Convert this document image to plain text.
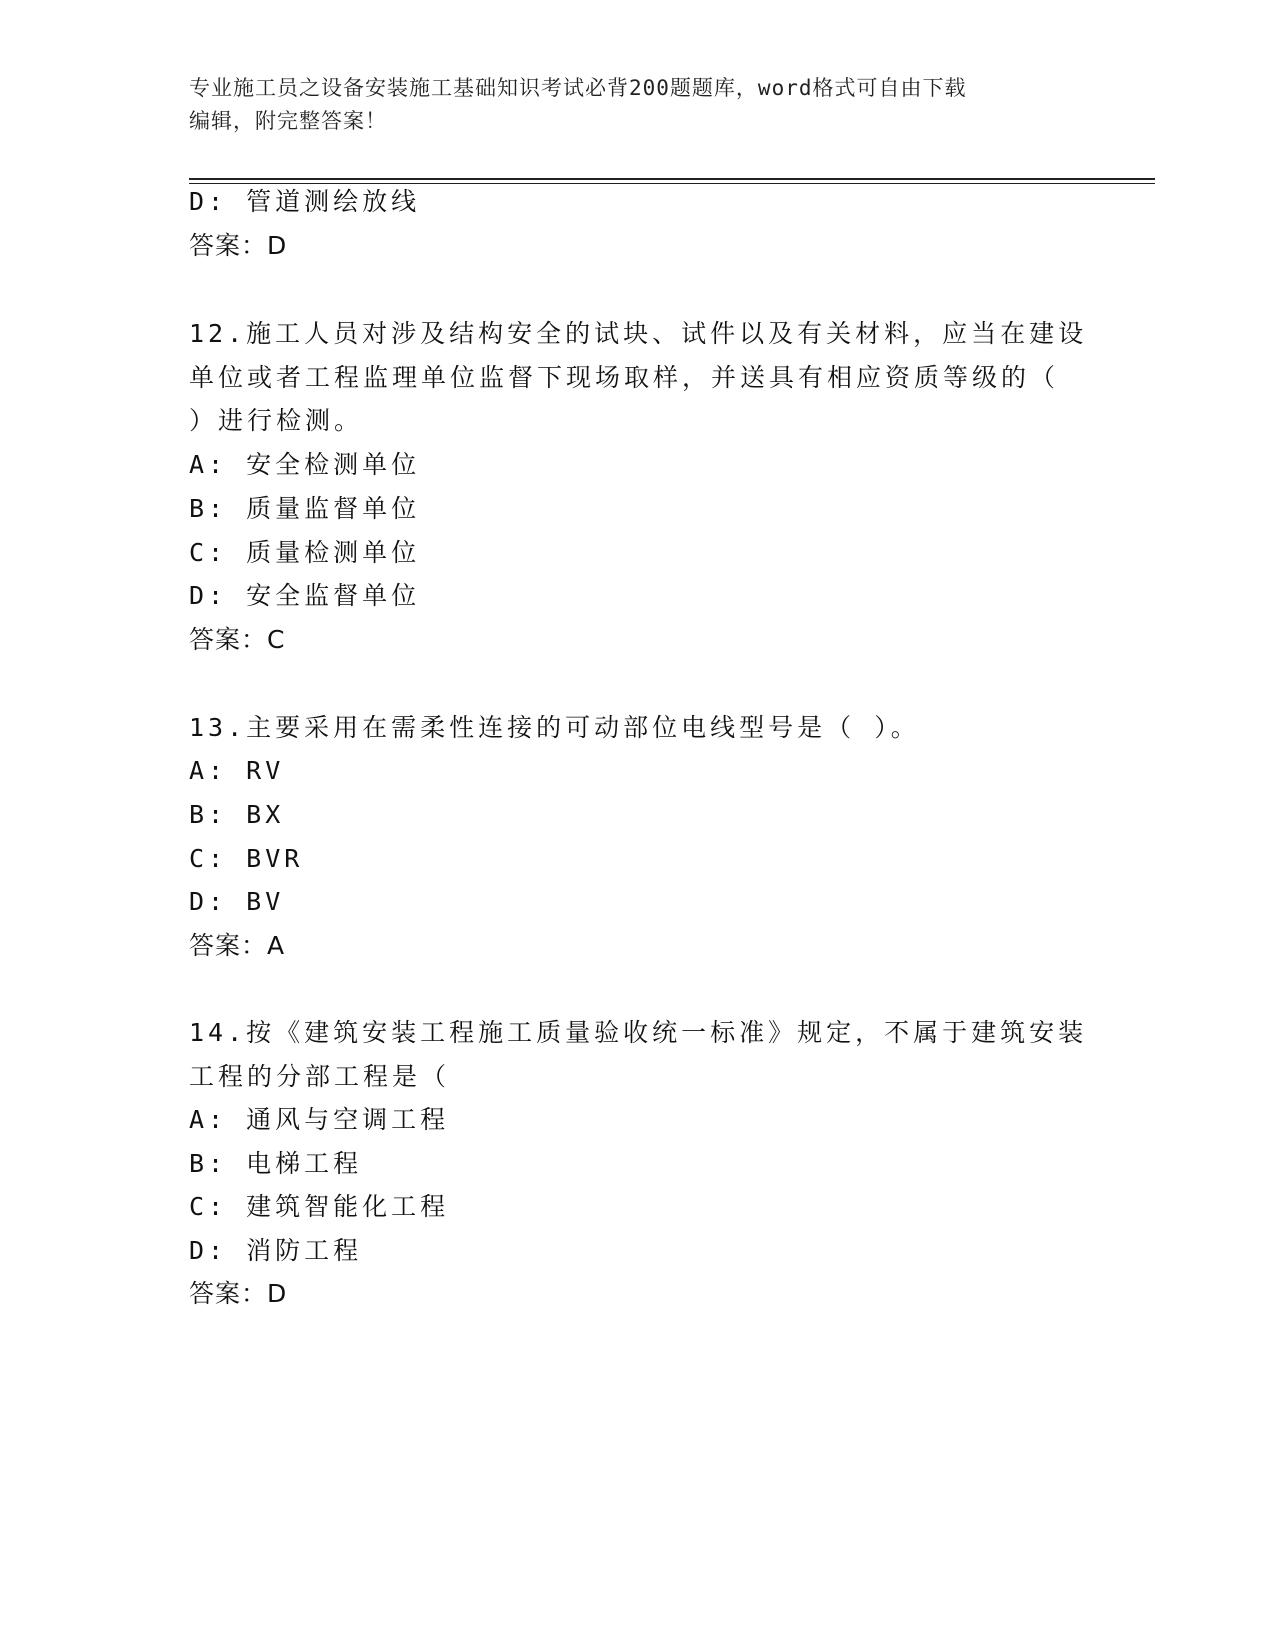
专业施工员之设备安装施工基础知识考试必背200题题库，word格式可自由下载
编辑，附完整答案！
D: 管道测绘放线
答案：D
12.施工人员对涉及结构安全的试块、试件以及有关材料，应当在建设
单位或者工程监理单位监督下现场取样，并送具有相应资质等级的（
）进行检测。
A: 安全检测单位
B: 质量监督单位
C: 质量检测单位
D: 安全监督单位
答案：C
13.主要采用在需柔性连接的可动部位电线型号是（ ）。
A: RV
B: BX
C: BVR
D: BV
答案：A
14.按《建筑安装工程施工质量验收统一标准》规定，不属于建筑安装
工程的分部工程是（
A: 通风与空调工程
B: 电梯工程
C: 建筑智能化工程
D: 消防工程
答案：D
